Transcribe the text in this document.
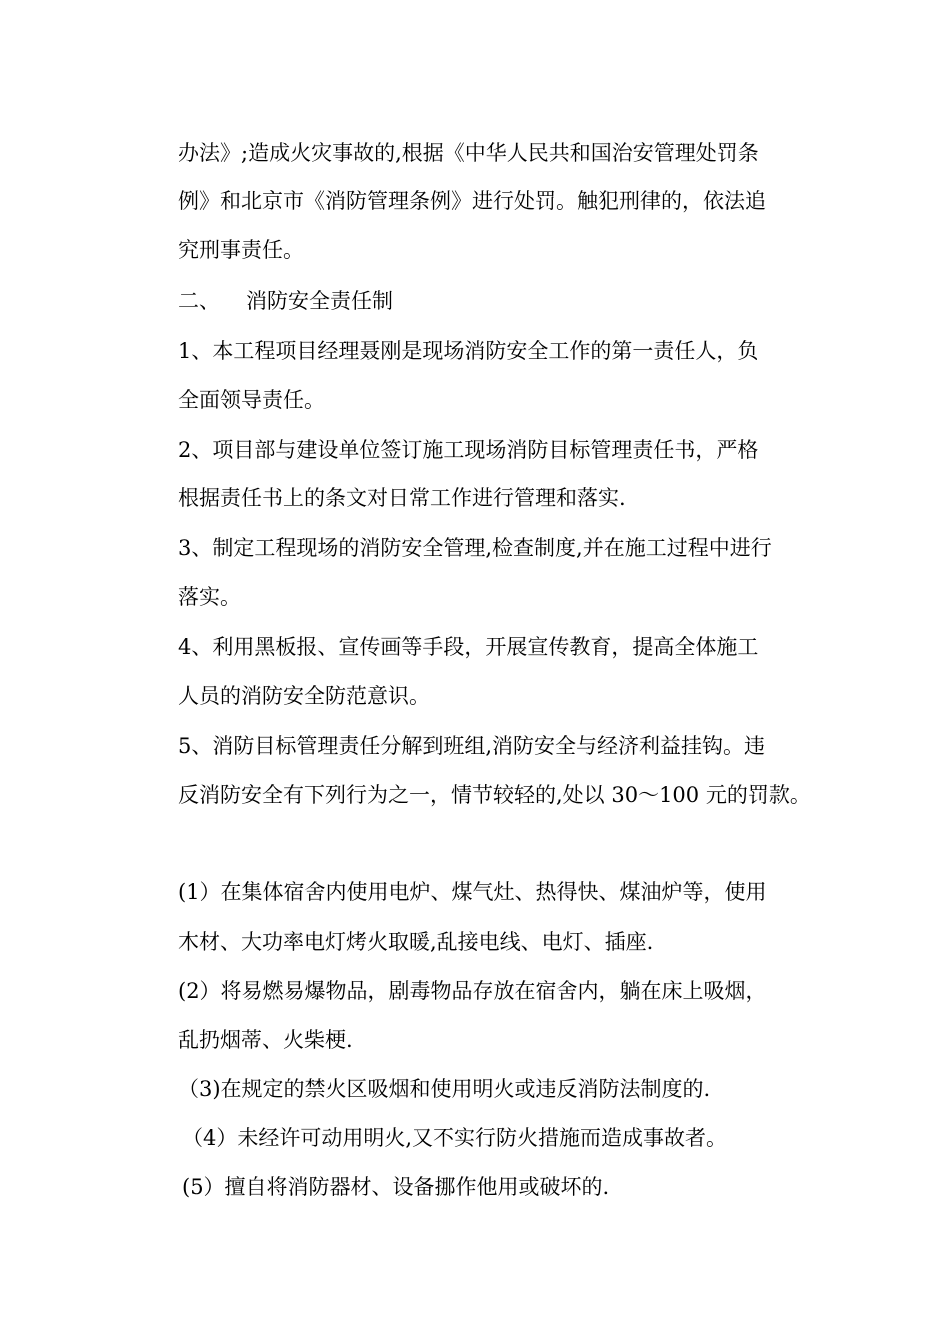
办法》;造成火灾事故的,根据《中华人民共和国治安管理处罚条
例》和北京市《消防管理条例》进行处罚。触犯刑律的，依法追
究刑事责任。
二、 消防安全责任制
1、本工程项目经理聂刚是现场消防安全工作的第一责任人，负
全面领导责任。
2、项目部与建设单位签订施工现场消防目标管理责任书，严格
根据责任书上的条文对日常工作进行管理和落实.
3、制定工程现场的消防安全管理,检查制度,并在施工过程中进行
落实。
4、利用黑板报、宣传画等手段，开展宣传教育，提高全体施工
人员的消防安全防范意识。
5、消防目标管理责任分解到班组,消防安全与经济利益挂钩。违
反消防安全有下列行为之一，情节较轻的,处以 30～100 元的罚款。
(1）在集体宿舍内使用电炉、煤气灶、热得快、煤油炉等，使用
木材、大功率电灯烤火取暖,乱接电线、电灯、插座.
(2）将易燃易爆物品，剧毒物品存放在宿舍内，躺在床上吸烟，
乱扔烟蒂、火柴梗.
（3)在规定的禁火区吸烟和使用明火或违反消防法制度的.
（4）未经许可动用明火,又不实行防火措施而造成事故者。
(5）擅自将消防器材、设备挪作他用或破坏的.
